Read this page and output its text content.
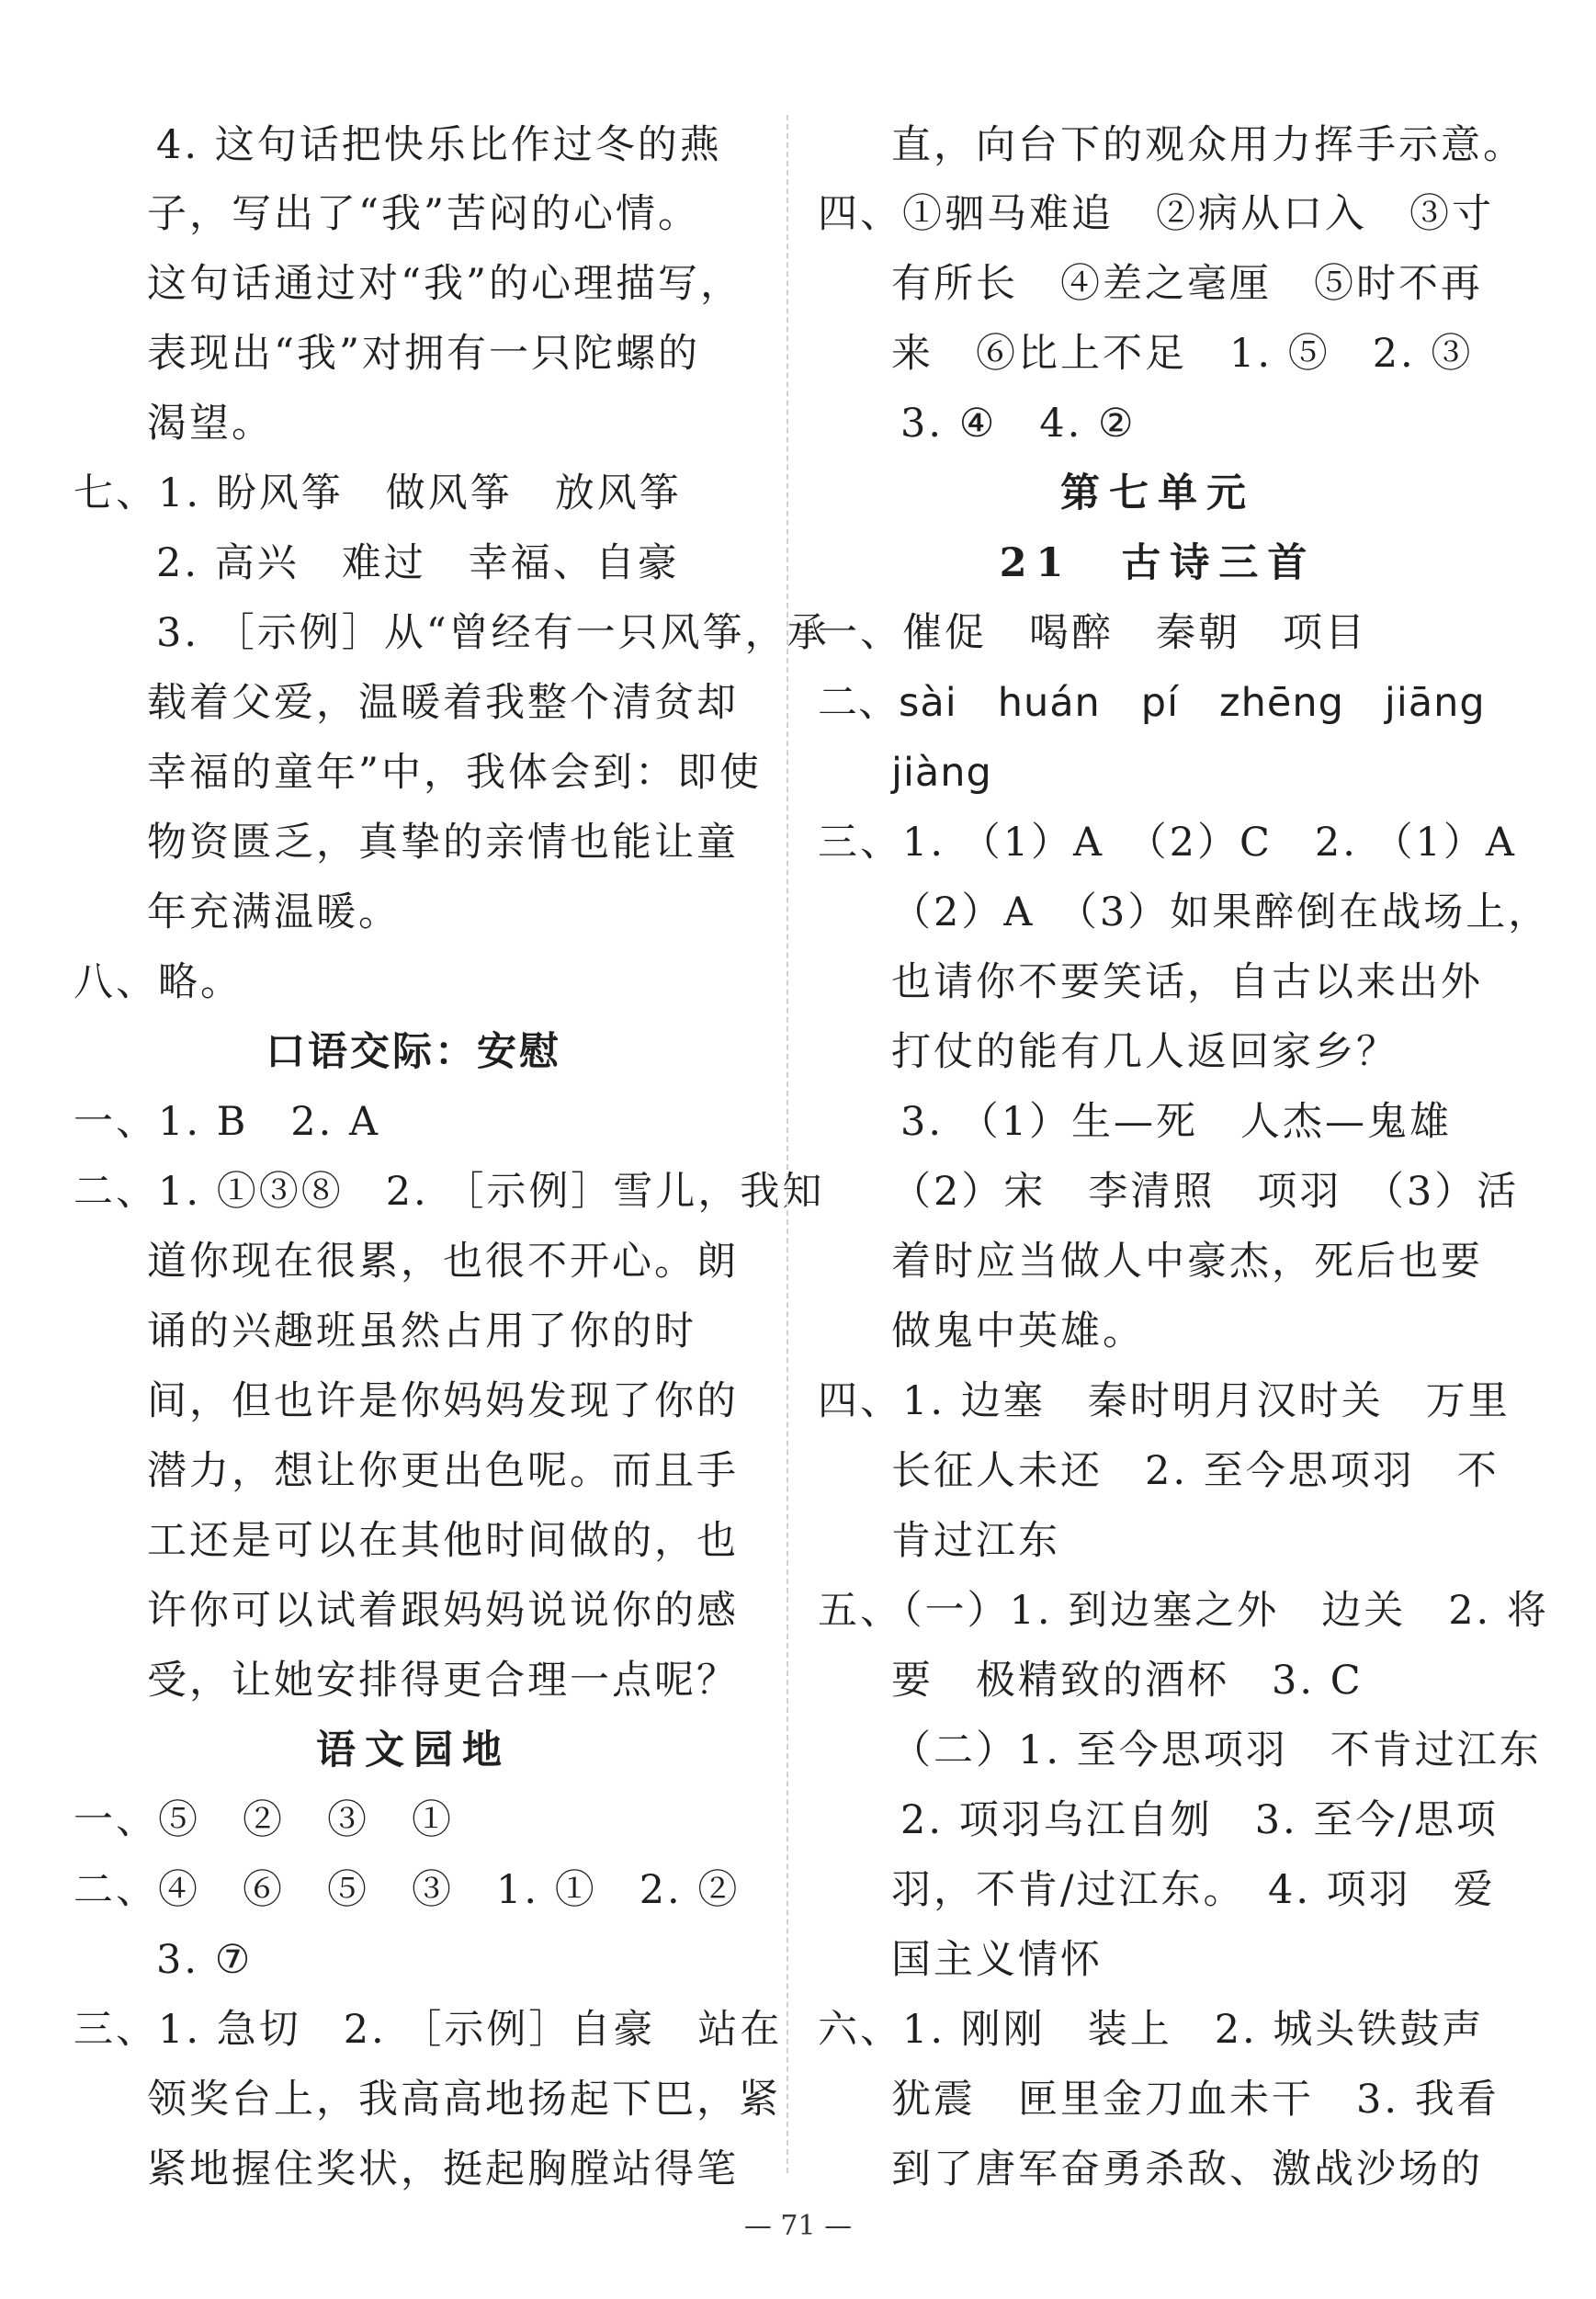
4. 这句话把快乐比作过冬的燕
子，写出了“我”苦闷的心情。
这句话通过对“我”的心理描写，
表现出“我”对拥有一只陀螺的
渴望。
七、1. 盼风筝　做风筝　放风筝
2. 高兴　难过　幸福、自豪
3. ［示例］从“曾经有一只风筝，承
载着父爱，温暖着我整个清贫却
幸福的童年”中，我体会到：即使
物资匮乏，真挚的亲情也能让童
年充满温暖。
八、略。
口语交际：安慰
一、1. B　2. A
二、1. ①③⑧　2. ［示例］雪儿，我知
道你现在很累，也很不开心。朗
诵的兴趣班虽然占用了你的时
间，但也许是你妈妈发现了你的
潜力，想让你更出色呢。而且手
工还是可以在其他时间做的，也
许你可以试着跟妈妈说说你的感
受，让她安排得更合理一点呢？
语文园地
一、⑤　②　③　①
二、④　⑥　⑤　③　1. ①　2. ②
3. ⑦
三、1. 急切　2. ［示例］自豪　站在
领奖台上，我高高地扬起下巴，紧
紧地握住奖状，挺起胸膛站得笔
直，向台下的观众用力挥手示意。
四、①驷马难追　②病从口入　③寸
有所长　④差之毫厘　⑤时不再
来　⑥比上不足　1. ⑤　2. ③
3. ④　4. ②
第七单元
21　古诗三首
一、催促　喝醉　秦朝　项目
二、sài　huán　pí　zhēng　jiāng
jiàng
三、1. （1）A　（2）C　2. （1）A
（2）A　（3）如果醉倒在战场上，
也请你不要笑话，自古以来出外
打仗的能有几人返回家乡？
3. （1）生—死　人杰—鬼雄
（2）宋　李清照　项羽　（3）活
着时应当做人中豪杰，死后也要
做鬼中英雄。
四、1. 边塞　秦时明月汉时关　万里
长征人未还　2. 至今思项羽　不
肯过江东
五、（一）1. 到边塞之外　边关　2. 将
要　极精致的酒杯　3. C
（二）1. 至今思项羽　不肯过江东
2. 项羽乌江自刎　3. 至今/思项
羽，不肯/过江东。　4. 项羽　爱
国主义情怀
六、1. 刚刚　装上　2. 城头铁鼓声
犹震　匣里金刀血未干　3. 我看
到了唐军奋勇杀敌、激战沙场的
— 71 —
